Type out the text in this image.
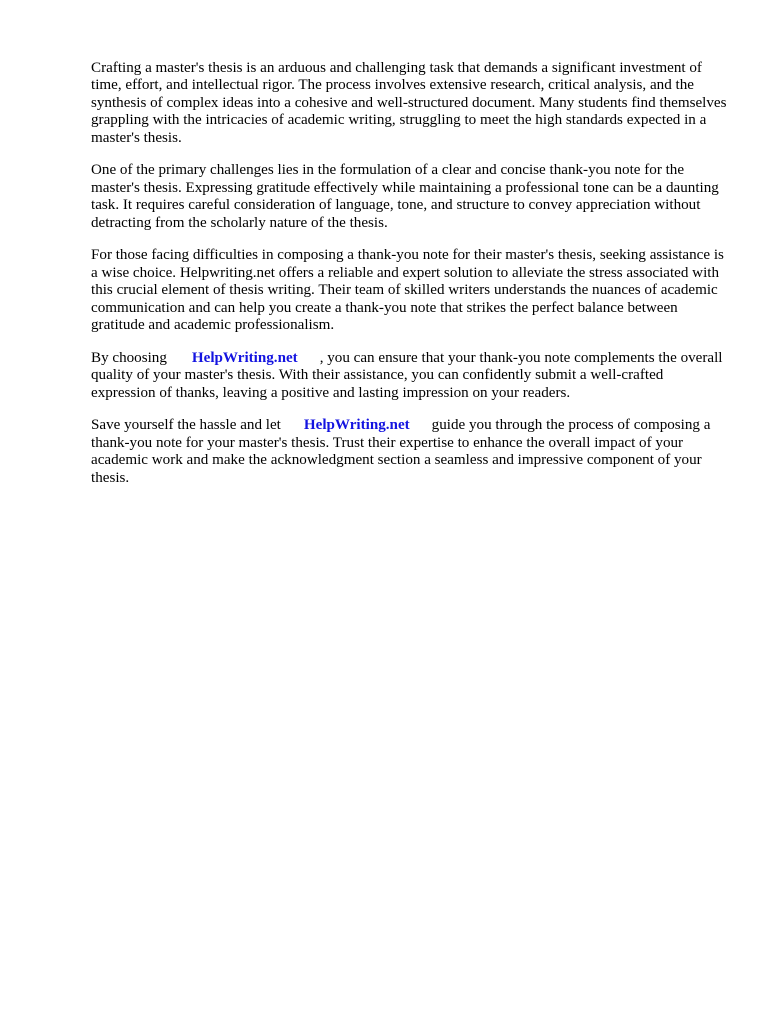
Crafting a master's thesis is an arduous and challenging task that demands a significant investment of time, effort, and intellectual rigor. The process involves extensive research, critical analysis, and the synthesis of complex ideas into a cohesive and well-structured document. Many students find themselves grappling with the intricacies of academic writing, struggling to meet the high standards expected in a master's thesis.

One of the primary challenges lies in the formulation of a clear and concise thank-you note for the master's thesis. Expressing gratitude effectively while maintaining a professional tone can be a daunting task. It requires careful consideration of language, tone, and structure to convey appreciation without detracting from the scholarly nature of the thesis.

For those facing difficulties in composing a thank-you note for their master's thesis, seeking assistance is a wise choice. Helpwriting.net offers a reliable and expert solution to alleviate the stress associated with this crucial element of thesis writing. Their team of skilled writers understands the nuances of academic communication and can help you create a thank-you note that strikes the perfect balance between gratitude and academic professionalism.

By choosing HelpWriting.net , you can ensure that your thank-you note complements the overall quality of your master's thesis. With their assistance, you can confidently submit a well-crafted expression of thanks, leaving a positive and lasting impression on your readers.

Save yourself the hassle and let HelpWriting.net guide you through the process of composing a thank-you note for your master's thesis. Trust their expertise to enhance the overall impact of your academic work and make the acknowledgment section a seamless and impressive component of your thesis.
